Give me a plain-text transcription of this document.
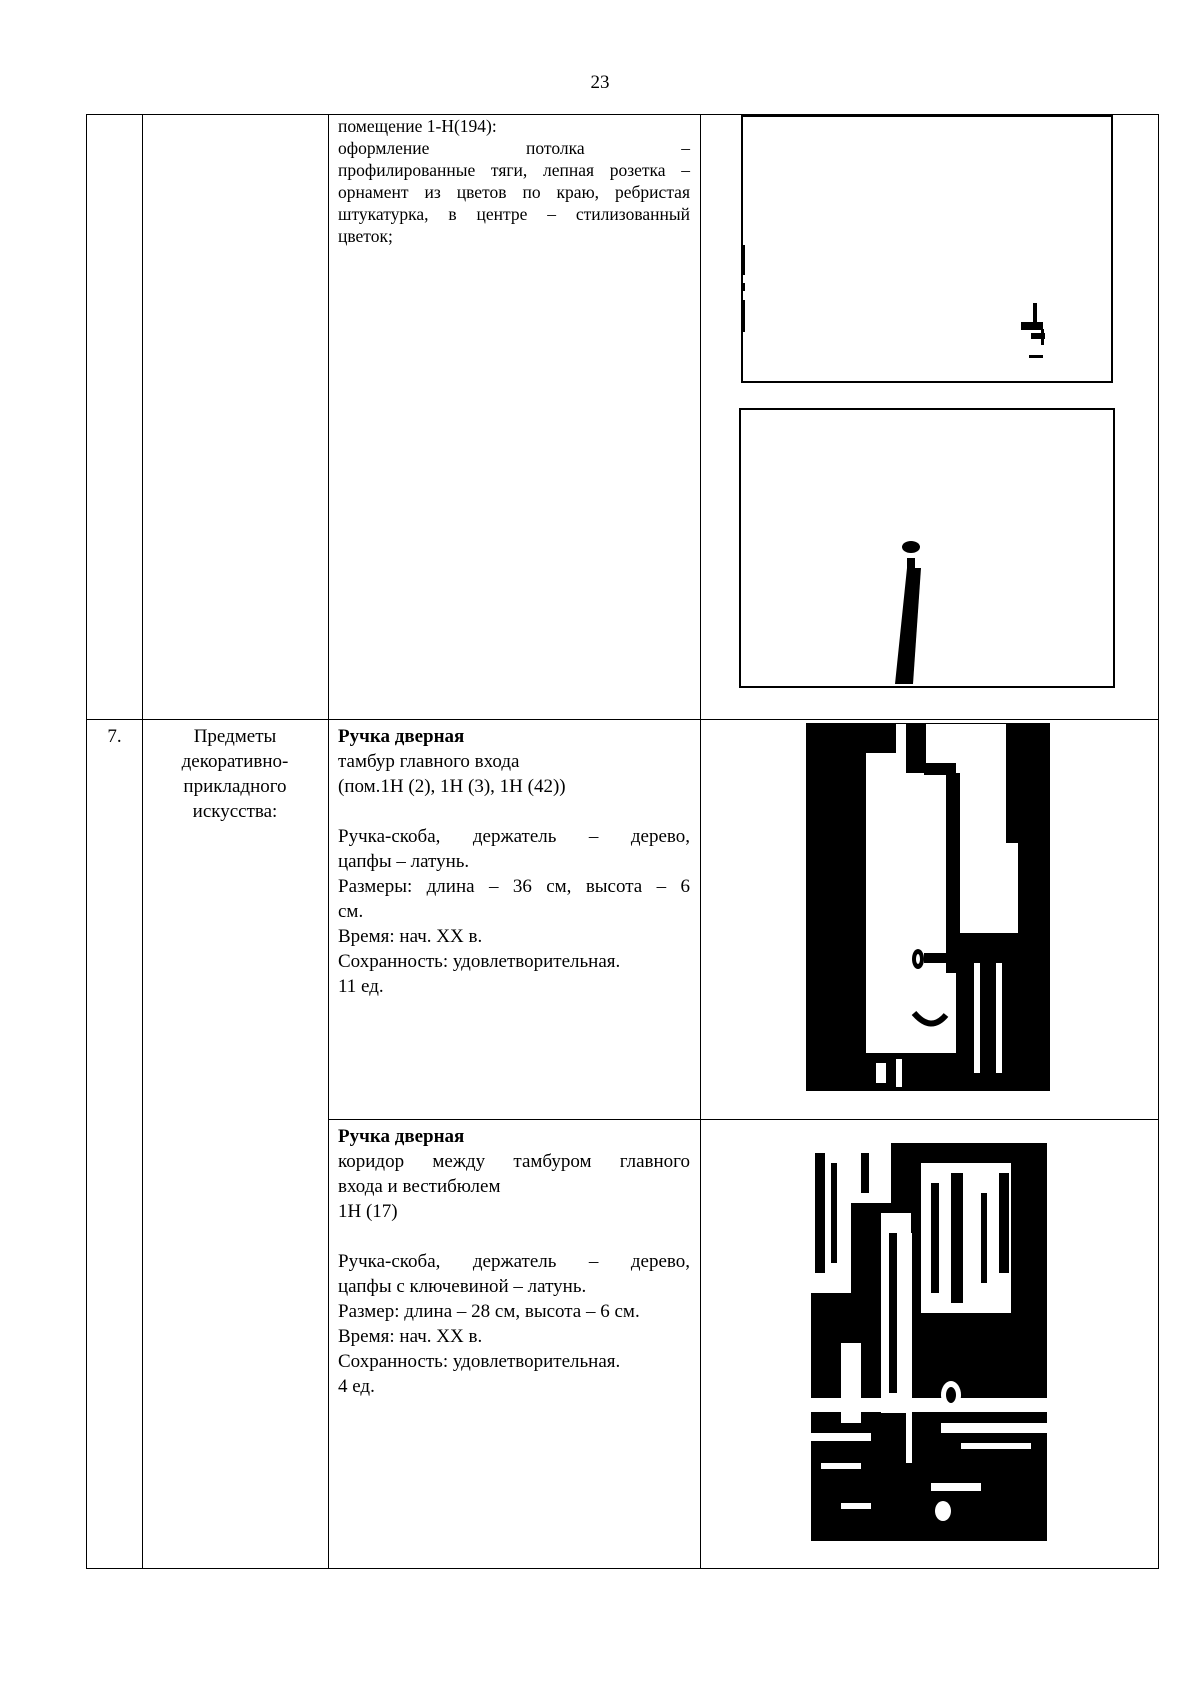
23
помещение 1-Н(194):
оформление потолка –
профилированные тяги, лепная розетка –
орнамент из цветов по краю, ребристая
штукатурка, в центре – стилизованный
цветок;
7.	Предметы
декоративно-
прикладного
искусства:
Ручка дверная
тамбур главного входа
(пом.1Н (2), 1Н (3), 1Н (42))
Ручка-скоба, держатель – дерево,
цапфы – латунь.
Размеры: длина – 36 см, высота – 6
см.
Время: нач. ХХ в.
Сохранность: удовлетворительная.
11 ед.
Ручка дверная
коридор между тамбуром главного
входа и вестибюлем
1Н (17)
Ручка-скоба, держатель – дерево,
цапфы с ключевиной – латунь.
Размер: длина – 28 см, высота – 6 см.
Время: нач. ХХ в.
Сохранность: удовлетворительная.
4 ед.
